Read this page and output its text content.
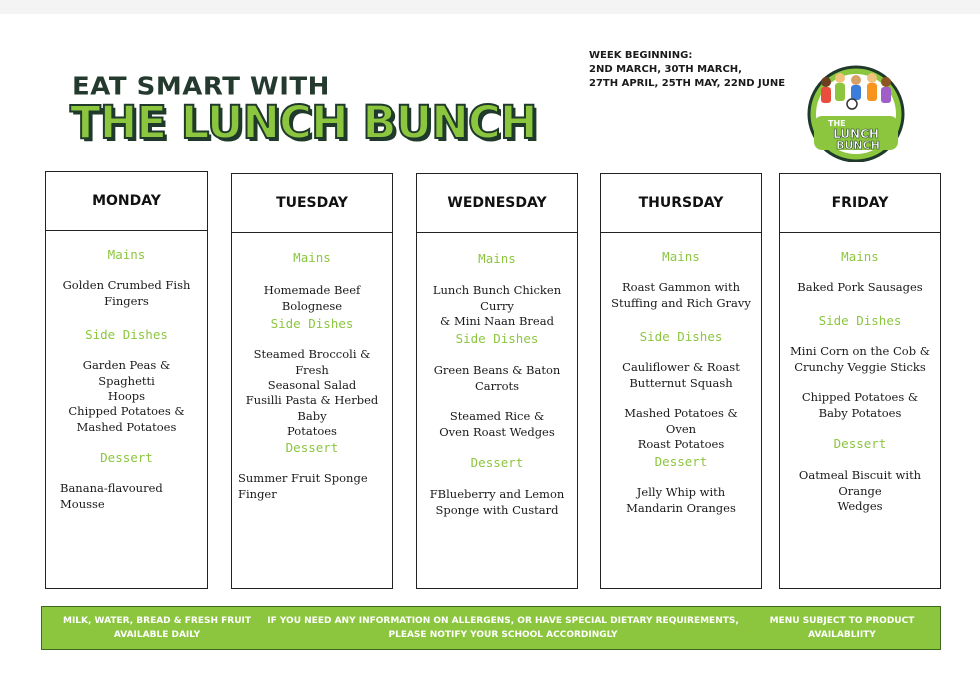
EAT SMART WITH
THE LUNCH BUNCH
WEEK BEGINNING:
2ND MARCH, 30TH MARCH,
27TH APRIL, 25TH MAY, 22ND JUNE
THE
LUNCH
BUNCH
MONDAY
Mains
Golden Crumbed Fish
Fingers
Side Dishes
Garden Peas & Spaghetti
Hoops
Chipped Potatoes &
Mashed Potatoes
Dessert
Banana-flavoured
Mousse
TUESDAY
Mains
Homemade Beef Bolognese
Side Dishes
Steamed Broccoli & Fresh
Seasonal Salad
Fusilli Pasta & Herbed Baby
Potatoes
Dessert
Summer Fruit Sponge
Finger
WEDNESDAY
Mains
Lunch Bunch Chicken Curry
& Mini Naan Bread
Side Dishes
Green Beans & Baton
Carrots
Steamed Rice &
Oven Roast Wedges
Dessert
FBlueberry and Lemon
Sponge with Custard
THURSDAY
Mains
Roast Gammon with
Stuffing and Rich Gravy
Side Dishes
Cauliflower & Roast
Butternut Squash
Mashed Potatoes & Oven
Roast Potatoes
Dessert
Jelly Whip with
Mandarin Oranges
FRIDAY
Mains
Baked Pork Sausages
Side Dishes
Mini Corn on the Cob &
Crunchy Veggie Sticks
Chipped Potatoes &
Baby Potatoes
Dessert
Oatmeal Biscuit with Orange
Wedges
MILK, WATER, BREAD & FRESH FRUIT
AVAILABLE DAILY
IF YOU NEED ANY INFORMATION ON ALLERGENS, OR HAVE SPECIAL DIETARY REQUIREMENTS,
PLEASE NOTIFY YOUR SCHOOL ACCORDINGLY
MENU SUBJECT TO PRODUCT
AVAILABLIITY
